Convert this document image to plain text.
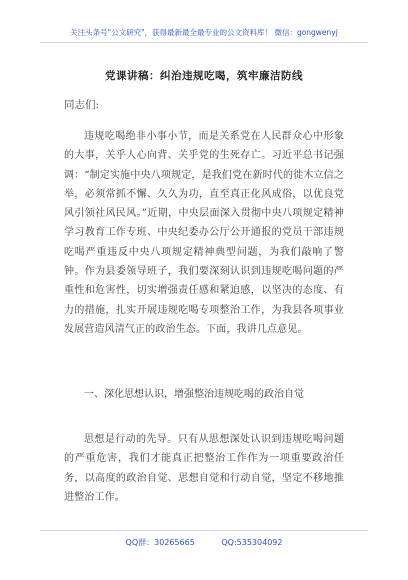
关注头条号"公文研究"，获得最新最全最专业的公文资料库！ 微信：gongwenyj
党课讲稿：纠治违规吃喝，筑牢廉洁防线
同志们:
违规吃喝绝非小事小节，而是关系党在人民群众心中形象的大事，关乎人心向背、关乎党的生死存亡。习近平总书记强调：“制定实施中央八项规定，是我们党在新时代的徙木立信之举，必须常抓不懈、久久为功，直至真正化风成俗，以优良党风引领社风民风。”近期，中央层面深入贯彻中央八项规定精神学习教育工作专班、中央纪委办公厅公开通报的党员干部违规吃喝严重违反中央八项规定精神典型问题，为我们敲响了警钟。作为县委领导班子，我们要深刻认识到违规吃喝问题的严重性和危害性，切实增强责任感和紧迫感，以坚决的态度、有力的措施，扎实开展违规吃喝专项整治工作，为我县各项事业发展营造风清气正的政治生态。下面，我讲几点意见。
一、深化思想认识，增强整治违规吃喝的政治自觉
思想是行动的先导。只有从思想深处认识到违规吃喝问题的严重危害，我们才能真正把整治工作作为一项重要政治任务，以高度的政治自觉、思想自觉和行动自觉，坚定不移地推进整治工作。
QQ群：30265665	QQ:535304092
